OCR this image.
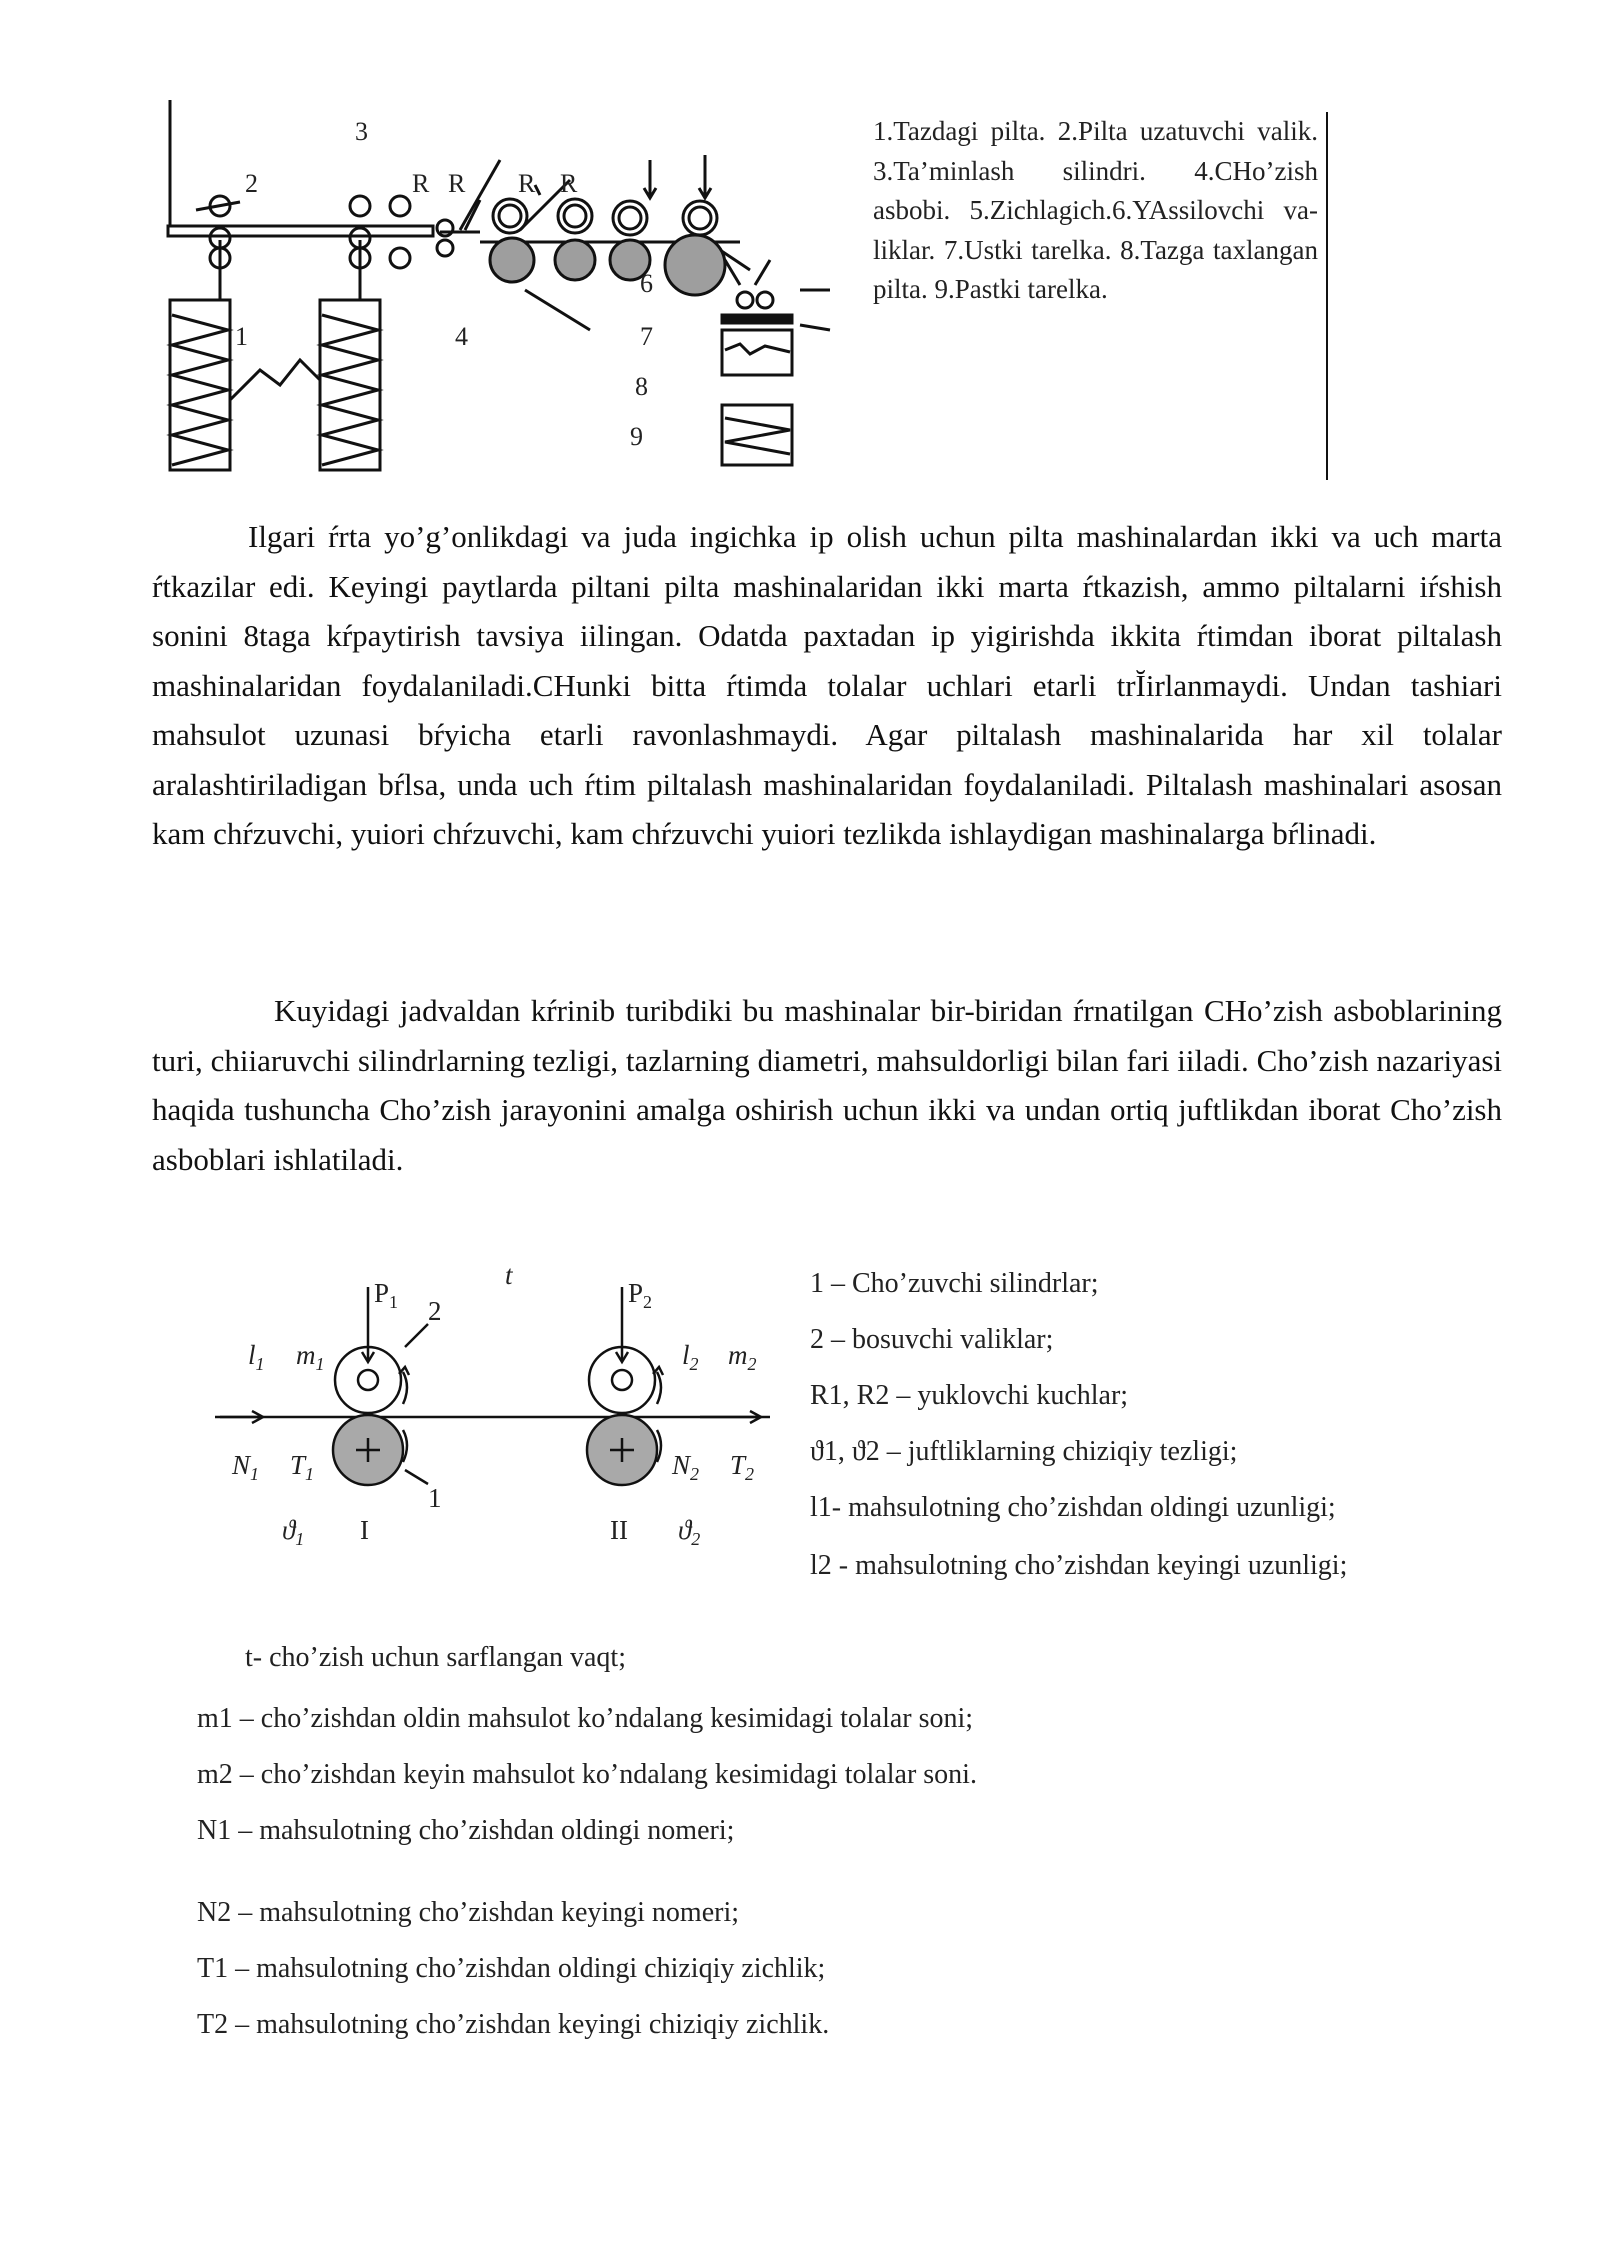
1
2
3
4
6
7
8
9
R R R R
1.Tazdagi pilta. 2.Pilta uzatuvchi valik. 3.Ta’minlash silindri. 4.CHo’zish asbobi. 5.Zichlagich.6.YAssilovchi va-liklar. 7.Ustki tarelka. 8.Tazga taxlangan pilta. 9.Pastki tarelka.

Ilgari ŕrta yo’g’onlikdagi va juda ingichka ip olish uchun pilta mashinalardan ikki va uch marta ŕtkazilar edi. Keyingi paytlarda piltani pilta mashinalaridan ikki marta ŕtkazish, ammo piltalarni iŕshish sonini 8taga kŕpaytirish tavsiya iilingan. Odatda paxtadan ip yigirishda ikkita ŕtimdan iborat piltalash mashinalaridan foydalaniladi.CHunki bitta ŕtimda tolalar uchlari etarli trĬirlanmaydi. Undan tashiari mahsulot uzunasi bŕyicha etarli ravonlashmaydi. Agar piltalash mashinalarida har xil tolalar aralashtiriladigan bŕlsa, unda uch ŕtim piltalash mashinalaridan foydalaniladi. Piltalash mashinalari asosan kam chŕzuvchi, yuiori chŕzuvchi, kam chŕzuvchi yuiori tezlikda ishlaydigan mashinalarga bŕlinadi.

Kuyidagi jadvaldan kŕrinib turibdiki bu mashinalar bir-biridan ŕrnatilgan CHo’zish asboblarining turi, chiiaruvchi silindrlarning tezligi, tazlarning diametri, mahsuldorligi bilan fari iiladi. Cho’zish nazariyasi haqida tushuncha Cho’zish jarayonini amalga oshirish uchun ikki va undan ortiq juftlikdan iborat Cho’zish asboblari ishlatiladi.

t
$P_1$	$P_2$
2
1
$l_1$ $m_1$	$l_2$ $m_2$
$N_1$ $T_1$	$N_2$ $T_2$
$ϑ_1$ I	II $ϑ_2$
t- cho’zish uchun sarflangan vaqt;
1 – Cho’zuvchi silindrlar;
2 – bosuvchi valiklar;
R1, R2 – yuklovchi kuchlar;
ϑ1, ϑ2 – juftliklarning chiziqiy tezligi;
l1- mahsulotning cho’zishdan oldingi uzunligi;
l2 - mahsulotning cho’zishdan keyingi uzunligi;
m1 – cho’zishdan oldin mahsulot ko’ndalang kesimidagi tolalar soni;
m2 – cho’zishdan keyin mahsulot ko’ndalang kesimidagi tolalar soni.
N1 – mahsulotning cho’zishdan oldingi nomeri;
N2 – mahsulotning cho’zishdan keyingi nomeri;
T1 – mahsulotning cho’zishdan oldingi chiziqiy zichlik;
T2 – mahsulotning cho’zishdan keyingi chiziqiy zichlik.
